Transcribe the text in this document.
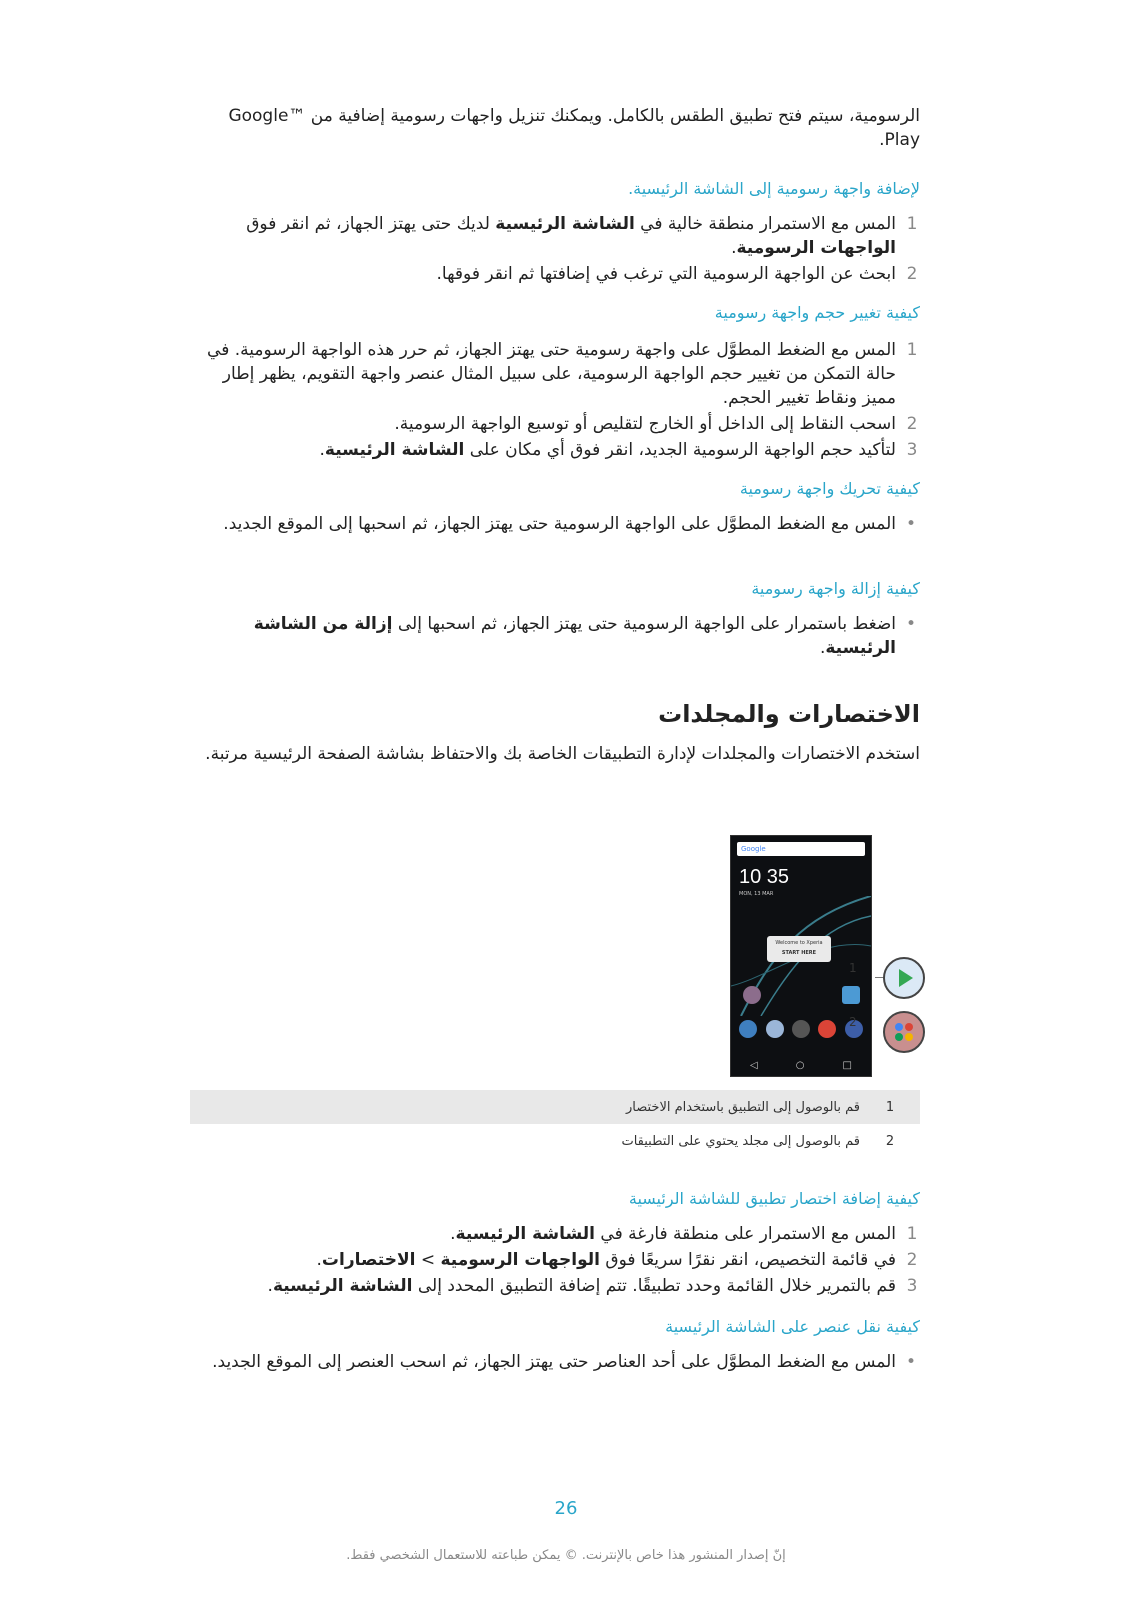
الرسومية، سيتم فتح تطبيق الطقس بالكامل. ويمكنك تنزيل واجهات رسومية إضافية من ™Google

Play.

لإضافة واجهة رسومية إلى الشاشة الرئيسية.
1
المس مع الاستمرار منطقة خالية في الشاشة الرئيسية لديك حتى يهتز الجهاز، ثم انقر فوق الواجهات الرسومية.
2
ابحث عن الواجهة الرسومية التي ترغب في إضافتها ثم انقر فوقها.
كيفية تغيير حجم واجهة رسومية
1
المس مع الضغط المطوَّل على واجهة رسومية حتى يهتز الجهاز، ثم حرر هذه الواجهة الرسومية. في حالة التمكن من تغيير حجم الواجهة الرسومية، على سبيل المثال عنصر واجهة التقويم، يظهر إطار مميز ونقاط تغيير الحجم.
2
اسحب النقاط إلى الداخل أو الخارج لتقليص أو توسيع الواجهة الرسومية.
3
لتأكيد حجم الواجهة الرسومية الجديد، انقر فوق أي مكان على الشاشة الرئيسية.
كيفية تحريك واجهة رسومية
•
المس مع الضغط المطوَّل على الواجهة الرسومية حتى يهتز الجهاز، ثم اسحبها إلى الموقع الجديد.
كيفية إزالة واجهة رسومية
•
اضغط باستمرار على الواجهة الرسومية حتى يهتز الجهاز، ثم اسحبها إلى إزالة من الشاشة الرئيسية.
الاختصارات والمجلدات

استخدم الاختصارات والمجلدات لإدارة التطبيقات الخاصة بك والاحتفاظ بشاشة الصفحة الرئيسية مرتبة.

Google
10 35
MON, 13 MAR
Welcome to Xperia
START HERE
◁	○	□
1
2
1
قم بالوصول إلى التطبيق باستخدام الاختصار
2
قم بالوصول إلى مجلد يحتوي على التطبيقات
كيفية إضافة اختصار تطبيق للشاشة الرئيسية
1
المس مع الاستمرار على منطقة فارغة في الشاشة الرئيسية.
2
في قائمة التخصيص، انقر نقرًا سريعًا فوق الواجهات الرسومية > الاختصارات.
3
قم بالتمرير خلال القائمة وحدد تطبيقًا. تتم إضافة التطبيق المحدد إلى الشاشة الرئيسية.
كيفية نقل عنصر على الشاشة الرئيسية
•
المس مع الضغط المطوَّل على أحد العناصر حتى يهتز الجهاز، ثم اسحب العنصر إلى الموقع الجديد.
26
إنّ إصدار المنشور هذا خاص بالإنترنت. © يمكن طباعته للاستعمال الشخصي فقط.
